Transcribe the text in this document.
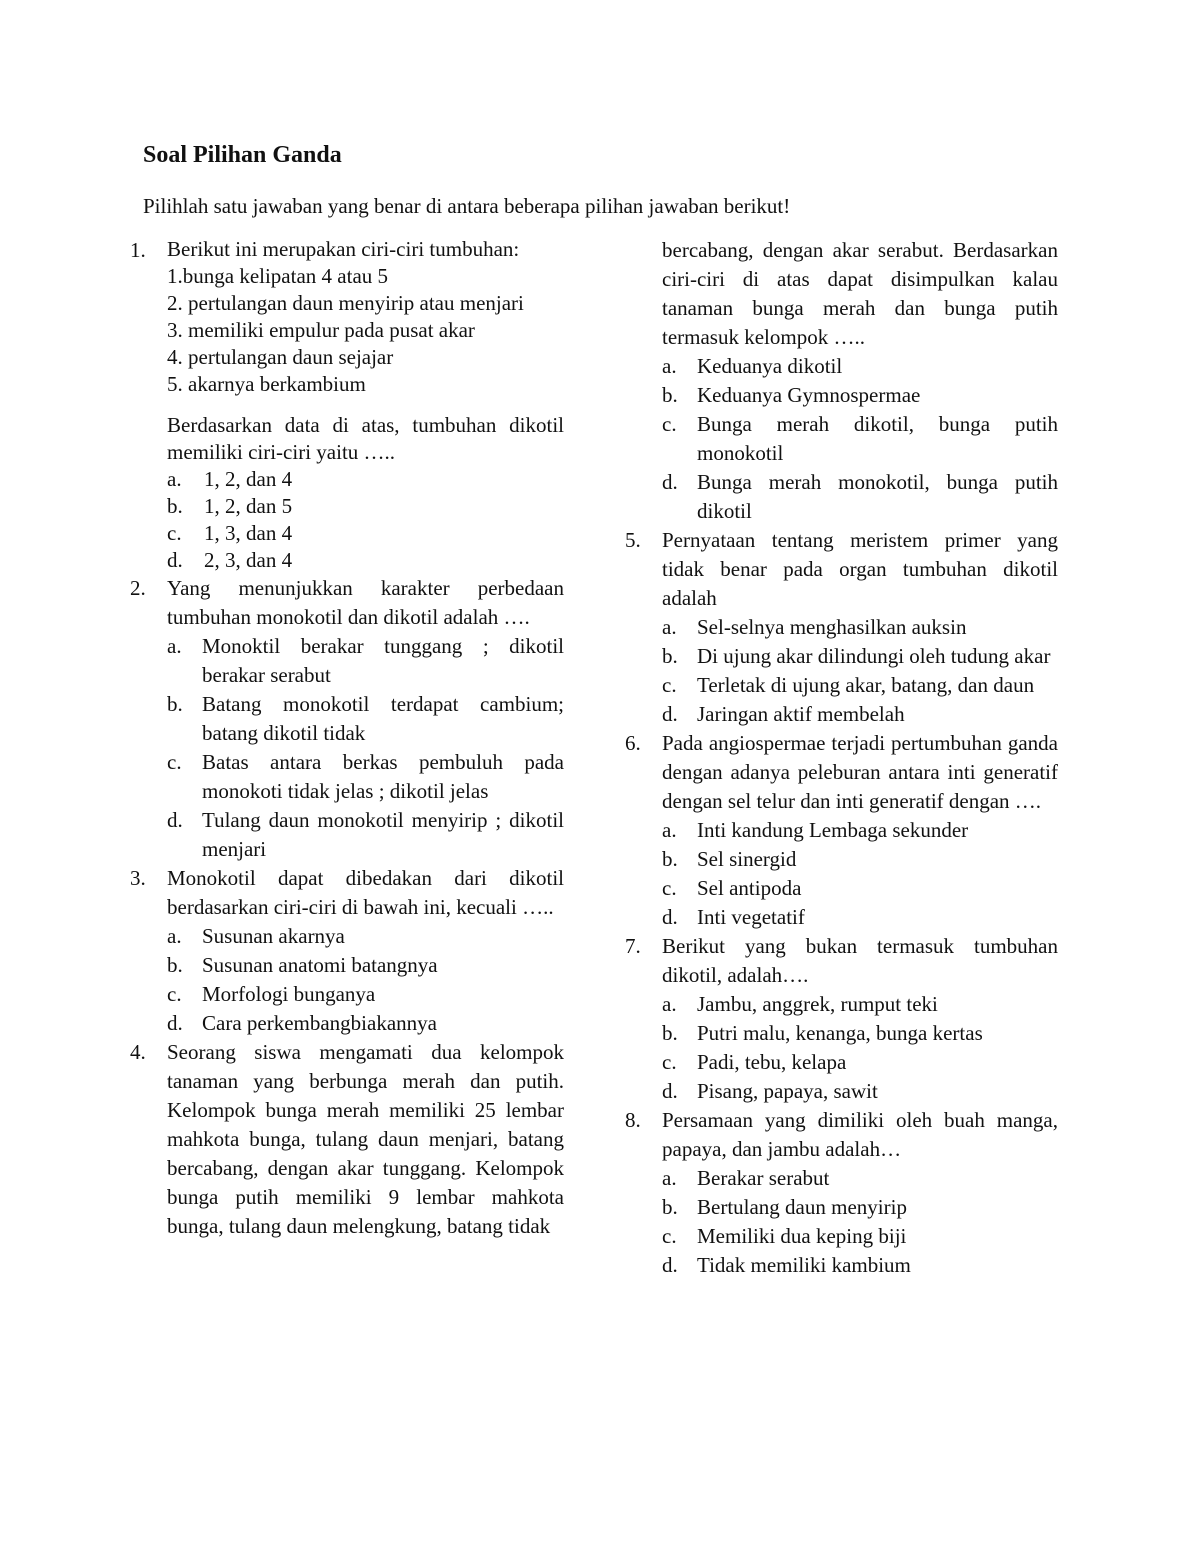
Soal Pilihan Ganda

Pilihlah satu jawaban yang benar di antara beberapa pilihan jawaban berikut!

1. Berikut ini merupakan ciri-ciri tumbuhan:
1.bunga kelipatan 4 atau 5
2. pertulangan daun menyirip atau menjari
3. memiliki empulur pada pusat akar
4. pertulangan daun sejajar
5. akarnya berkambium
Berdasarkan data di atas, tumbuhan dikotil memiliki ciri-ciri yaitu …..
a. 1, 2, dan 4
b. 1, 2, dan 5
c. 1, 3, dan 4
d. 2, 3, dan 4
2. Yang menunjukkan karakter perbedaan tumbuhan monokotil dan dikotil adalah ….
a. Monoktil berakar tunggang ; dikotil berakar serabut
b. Batang monokotil terdapat cambium; batang dikotil tidak
c. Batas antara berkas pembuluh pada monokoti tidak jelas ; dikotil jelas
d. Tulang daun monokotil menyirip ; dikotil menjari
3. Monokotil dapat dibedakan dari dikotil berdasarkan ciri-ciri di bawah ini, kecuali …..
a. Susunan akarnya
b. Susunan anatomi batangnya
c. Morfologi bunganya
d. Cara perkembangbiakannya
4. Seorang siswa mengamati dua kelompok tanaman yang berbunga merah dan putih. Kelompok bunga merah memiliki 25 lembar mahkota bunga, tulang daun menjari, batang bercabang, dengan akar tunggang. Kelompok bunga putih memiliki 9 lembar mahkota bunga, tulang daun melengkung, batang tidak
bercabang, dengan akar serabut. Berdasarkan ciri-ciri di atas dapat disimpulkan kalau tanaman bunga merah dan bunga putih termasuk kelompok …..
a. Keduanya dikotil
b. Keduanya Gymnospermae
c. Bunga merah dikotil, bunga putih monokotil
d. Bunga merah monokotil, bunga putih dikotil
5. Pernyataan tentang meristem primer yang tidak benar pada organ tumbuhan dikotil adalah
a. Sel-selnya menghasilkan auksin
b. Di ujung akar dilindungi oleh tudung akar
c. Terletak di ujung akar, batang, dan daun
d. Jaringan aktif membelah
6. Pada angiospermae terjadi pertumbuhan ganda dengan adanya peleburan antara inti generatif dengan sel telur dan inti generatif dengan ….
a. Inti kandung Lembaga sekunder
b. Sel sinergid
c. Sel antipoda
d. Inti vegetatif
7. Berikut yang bukan termasuk tumbuhan dikotil, adalah….
a. Jambu, anggrek, rumput teki
b. Putri malu, kenanga, bunga kertas
c. Padi, tebu, kelapa
d. Pisang, papaya, sawit
8. Persamaan yang dimiliki oleh buah manga, papaya, dan jambu adalah…
a. Berakar serabut
b. Bertulang daun menyirip
c. Memiliki dua keping biji
d. Tidak memiliki kambium
